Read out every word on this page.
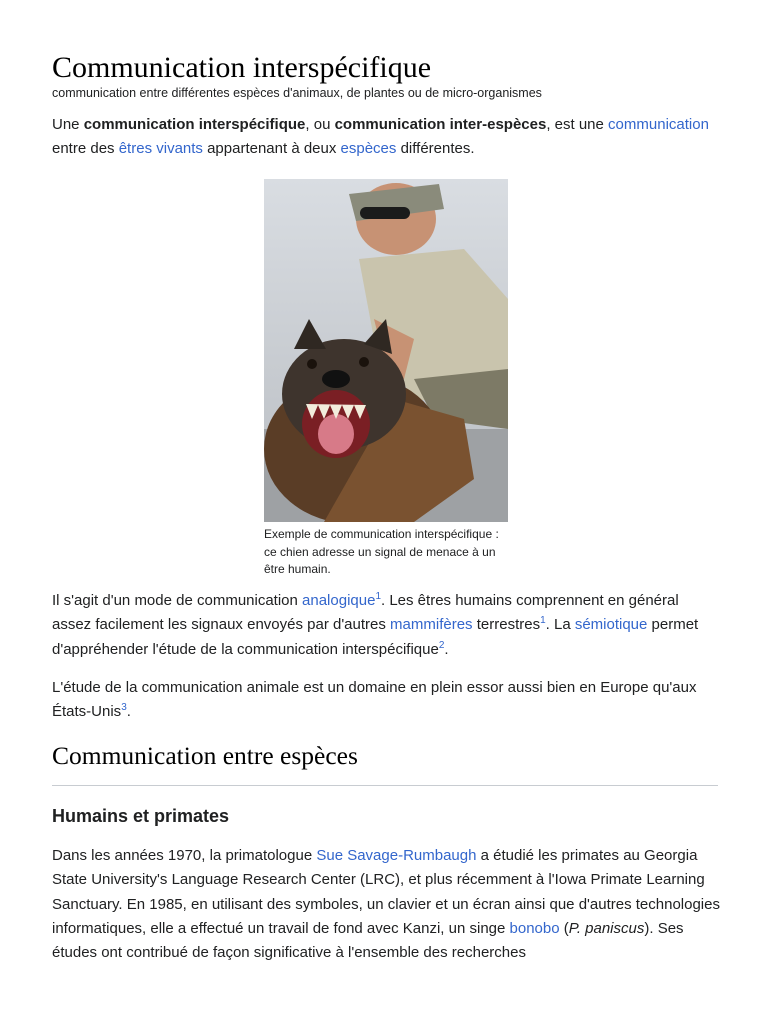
Communication interspécifique

communication entre différentes espèces d'animaux, de plantes ou de micro-organismes

Une communication interspécifique, ou communication inter-espèces, est une communication entre des êtres vivants appartenant à deux espèces différentes.

Exemple de communication interspécifique : ce chien adresse un signal de menace à un être humain.

Il s'agit d'un mode de communication analogique$^1$. Les êtres humains comprennent en général assez facilement les signaux envoyés par d'autres mammifères terrestres$^1$. La sémiotique permet d'appréhender l'étude de la communication interspécifique$^2$.

L'étude de la communication animale est un domaine en plein essor aussi bien en Europe qu'aux États-Unis$^3$.

Communication entre espèces
Humains et primates

Dans les années 1970, la primatologue Sue Savage-Rumbaugh a étudié les primates au Georgia State University's Language Research Center (LRC), et plus récemment à l'Iowa Primate Learning Sanctuary. En 1985, en utilisant des symboles, un clavier et un écran ainsi que d'autres technologies informatiques, elle a effectué un travail de fond avec Kanzi, un singe bonobo (P. paniscus). Ses études ont contribué de façon significative à l'ensemble des recherches
